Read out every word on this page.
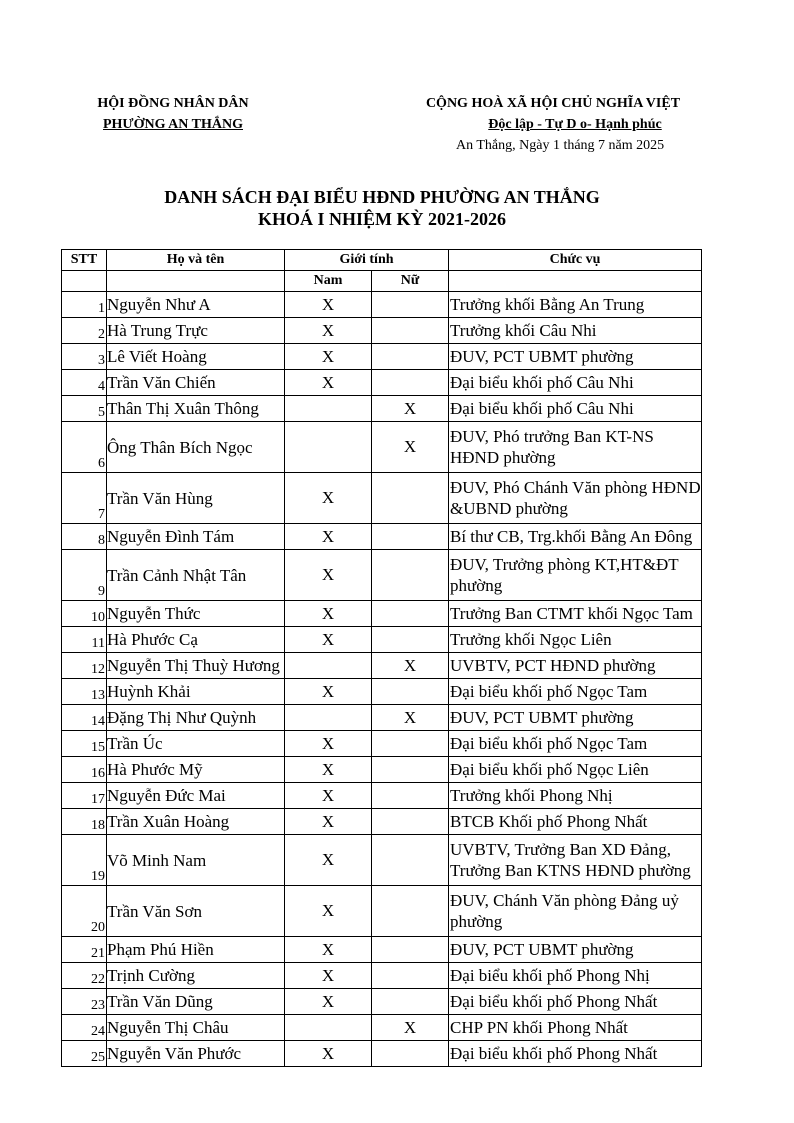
HỘI ĐỒNG NHÂN DÂN
PHƯỜNG AN THẮNG
CỘNG HOÀ XÃ HỘI CHỦ NGHĨA VIỆT
Độc lập - Tự D o- Hạnh phúc
An Thắng, Ngày 1 tháng 7 năm 2025
DANH SÁCH ĐẠI BIỂU HĐND PHƯỜNG AN THẮNG
KHOÁ I NHIỆM KỲ 2021-2026
STT	Họ và tên	Giới tính		Chức vụ
		Nam	Nữ	

1	Nguyễn Như A	X		Trưởng khối Bằng An Trung

2	Hà Trung Trực	X		Trưởng khối Câu Nhi

3	Lê Viết Hoàng	X		ĐUV, PCT UBMT phường

4	Trần Văn Chiến	X		Đại biểu khối phố Câu Nhi

5	Thân Thị Xuân Thông		X	Đại biểu khối phố Câu Nhi

6	Ông Thân Bích Ngọc		X	ĐUV, Phó trưởng Ban KT-NS HĐND phường

7	Trần Văn Hùng	X		ĐUV, Phó Chánh Văn phòng HĐND &UBND phường

8	Nguyễn Đình Tám	X		Bí thư CB, Trg.khối Bằng An Đông

9	Trần Cảnh Nhật Tân	X		ĐUV, Trưởng phòng KT,HT&ĐT phường

10	Nguyễn Thức	X		Trưởng Ban CTMT khối Ngọc Tam

11	Hà Phước Cạ	X		Trưởng khối Ngọc Liên

12	Nguyễn Thị Thuỳ Hương		X	UVBTV, PCT HĐND phường

13	Huỳnh Khải	X		Đại biểu khối phố Ngọc Tam

14	Đặng Thị Như Quỳnh		X	ĐUV, PCT UBMT phường

15	Trần Úc	X		Đại biểu khối phố Ngọc Tam

16	Hà Phước Mỹ	X		Đại biểu khối phố Ngọc Liên

17	Nguyễn Đức Mai	X		Trưởng khối Phong Nhị

18	Trần Xuân Hoàng	X		BTCB Khối phố Phong Nhất

19	Võ Minh Nam	X		UVBTV, Trưởng Ban XD Đảng, Trưởng Ban KTNS HĐND phường

20	Trần Văn Sơn	X		ĐUV, Chánh Văn phòng Đảng uỷ phường

21	Phạm Phú Hiền	X		ĐUV, PCT UBMT phường

22	Trịnh Cường	X		Đại biểu khối phố Phong Nhị

23	Trần Văn Dũng	X		Đại biểu khối phố Phong Nhất

24	Nguyễn Thị Châu		X	CHP PN khối Phong Nhất

25	Nguyễn Văn Phước	X		Đại biểu khối phố Phong Nhất
